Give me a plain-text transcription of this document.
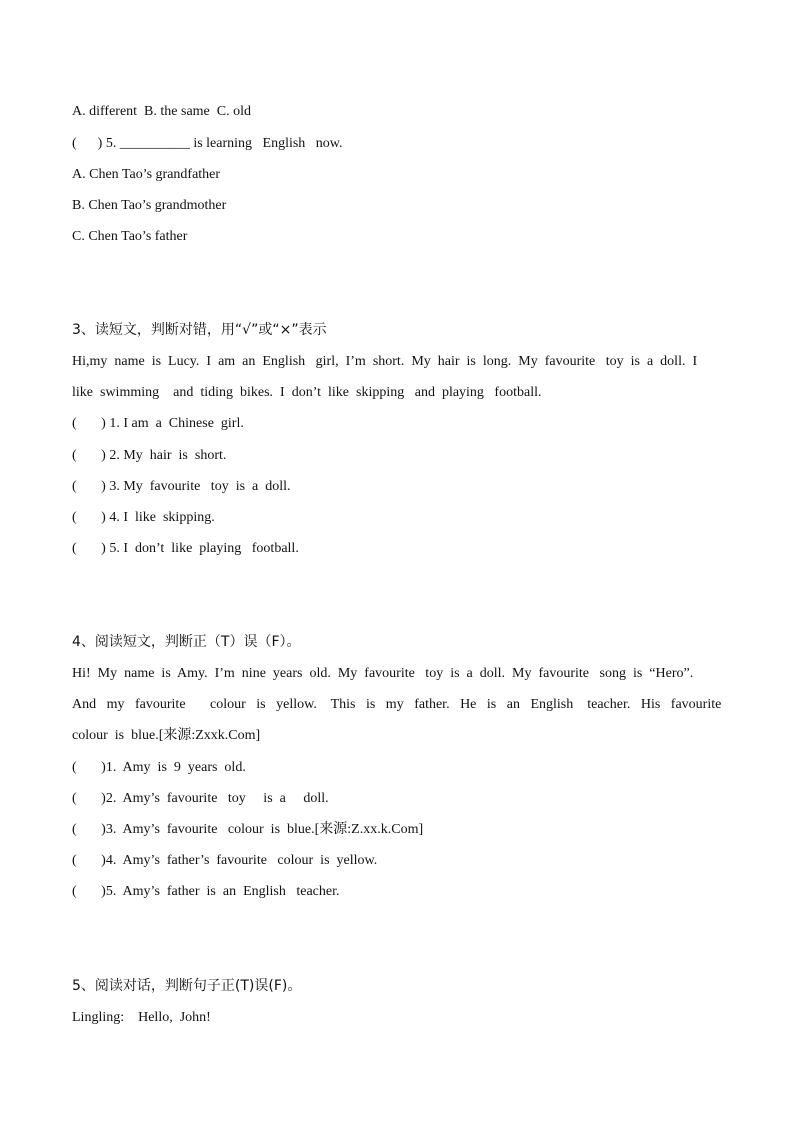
A. different  B. the same  C. old
(      ) 5. __________ is learning   English   now.
A. Chen Tao’s grandfather
B. Chen Tao’s grandmother
C. Chen Tao’s father
3、读短文，判断对错，用“√”或“×”表示
Hi,my  name  is  Lucy.  I  am  an  English   girl,  I’m  short.  My  hair  is  long.  My  favourite   toy  is  a  doll.  I
like  swimming    and  tiding  bikes.  I  don’t  like  skipping   and  playing   football.
(       ) 1. I am  a  Chinese  girl.
(       ) 2. My  hair  is  short.
(       ) 3. My  favourite   toy  is  a  doll.
(       ) 4. I  like  skipping.
(       ) 5. I  don’t  like  playing   football.
4、阅读短文，判断正（T）误（F）。
Hi!  My  name  is  Amy.  I’m  nine  years  old.  My  favourite   toy  is  a  doll.  My  favourite   song  is  “Hero”.
And   my   favourite       colour   is   yellow.    This   is   my   father.   He   is   an   English    teacher.   His   favourite
colour  is  blue.[来源:Zxxk.Com]
(       )1.  Amy  is  9  years  old.
(       )2.  Amy’s  favourite   toy     is  a     doll.
(       )3.  Amy’s  favourite   colour  is  blue.[来源:Z.xx.k.Com]
(       )4.  Amy’s  father’s  favourite   colour  is  yellow.
(       )5.  Amy’s  father  is  an  English   teacher.
5、阅读对话，判断句子正(T)误(F)。
Lingling:    Hello,  John!
